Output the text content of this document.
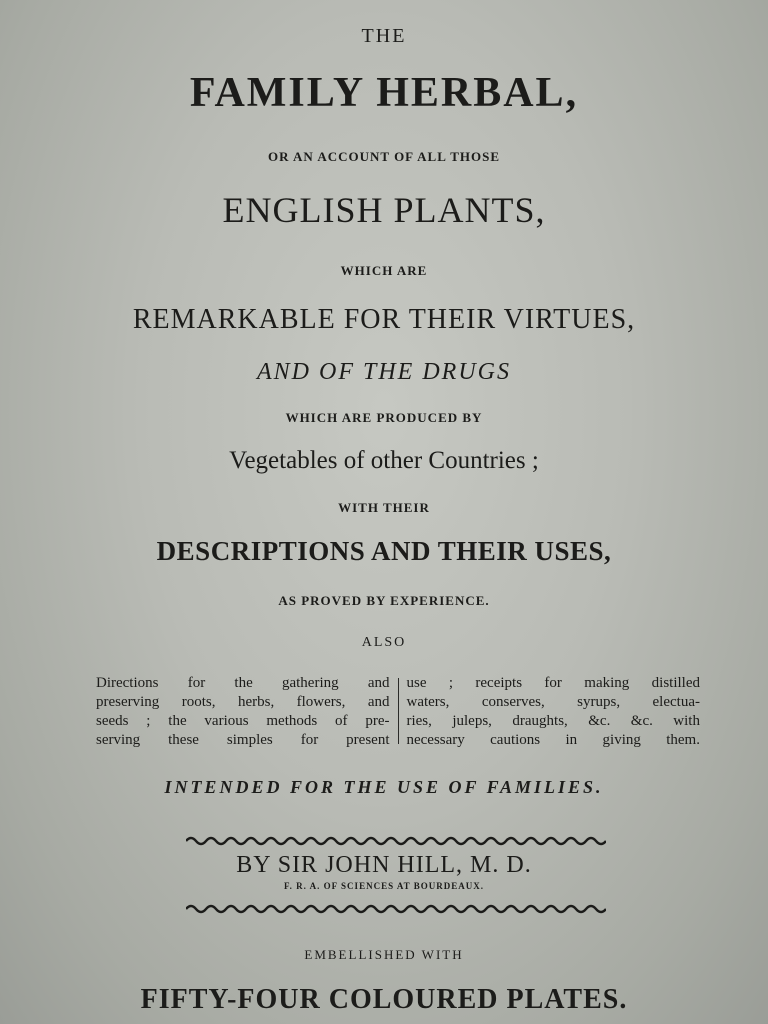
THE
FAMILY HERBAL,
OR AN ACCOUNT OF ALL THOSE
ENGLISH PLANTS,
WHICH ARE
REMARKABLE FOR THEIR VIRTUES,
AND OF THE DRUGS
WHICH ARE PRODUCED BY
Vegetables of other Countries ;
WITH THEIR
DESCRIPTIONS AND THEIR USES,
AS PROVED BY EXPERIENCE.
ALSO
Directions for the gathering and
preserving roots, herbs, flowers, and
seeds ; the various methods of pre-
serving these simples for present
use ; receipts for making distilled
waters, conserves, syrups, electua-
ries, juleps, draughts, &c. &c. with
necessary cautions in giving them.
INTENDED FOR THE USE OF FAMILIES.
BY SIR JOHN HILL, M. D.
F. R. A. OF SCIENCES AT BOURDEAUX.
EMBELLISHED WITH
FIFTY-FOUR COLOURED PLATES.
